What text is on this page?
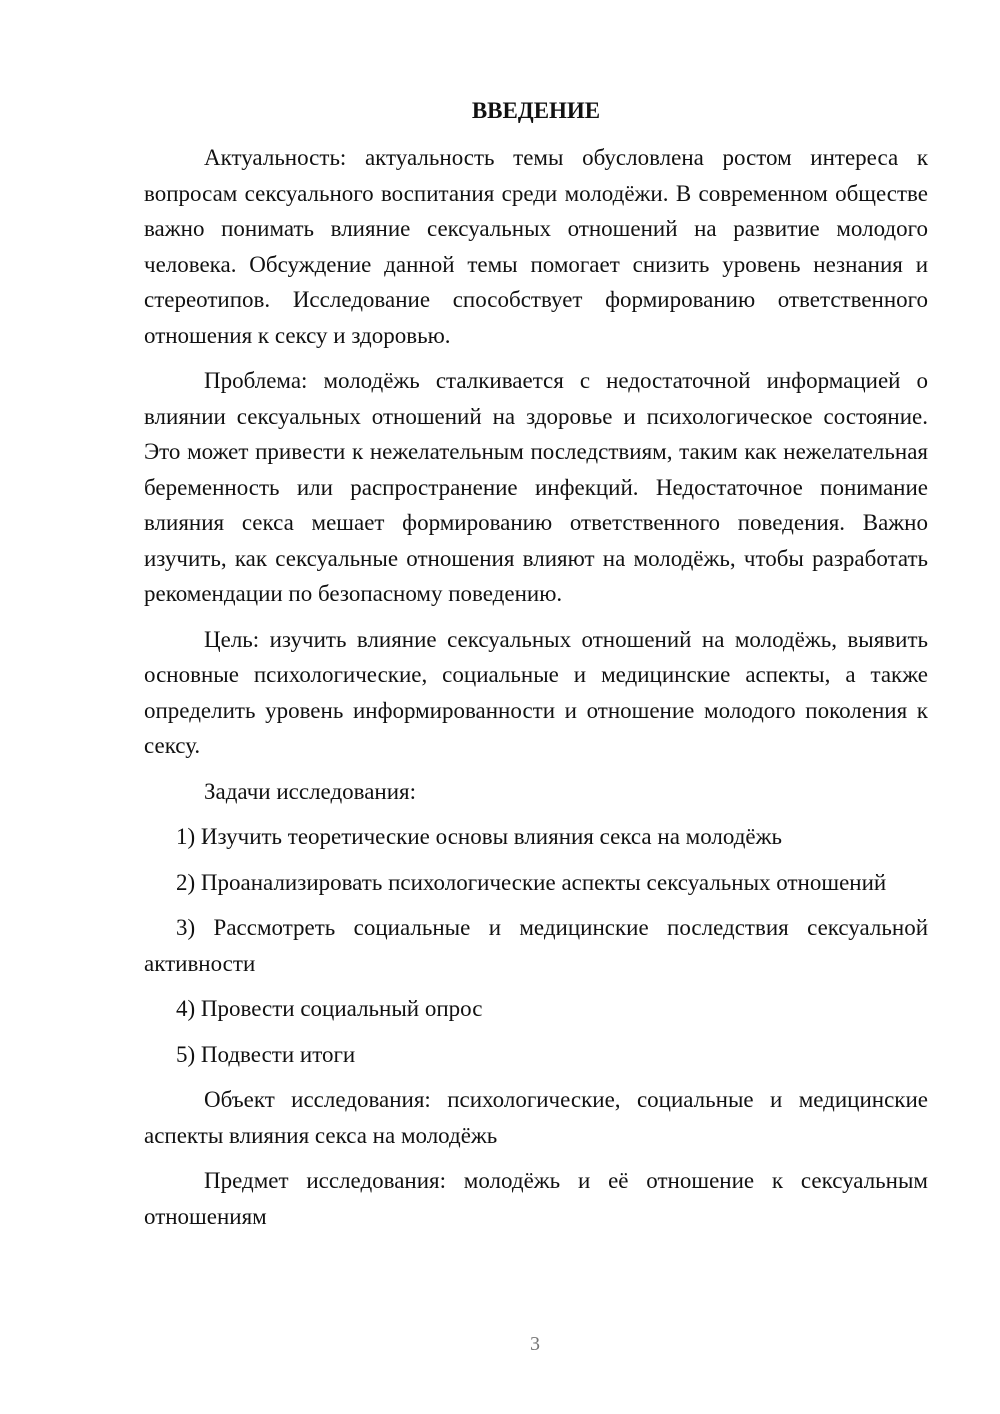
ВВЕДЕНИЕ

Актуальность: актуальность темы обусловлена ростом интереса к вопросам сексуального воспитания среди молодёжи. В современном обществе важно понимать влияние сексуальных отношений на развитие молодого человека. Обсуждение данной темы помогает снизить уровень незнания и стереотипов. Исследование способствует формированию ответственного отношения к сексу и здоровью.

Проблема: молодёжь сталкивается с недостаточной информацией о влиянии сексуальных отношений на здоровье и психологическое состояние. Это может привести к нежелательным последствиям, таким как нежелательная беременность или распространение инфекций. Недостаточное понимание влияния секса мешает формированию ответственного поведения. Важно изучить, как сексуальные отношения влияют на молодёжь, чтобы разработать рекомендации по безопасному поведению.

Цель: изучить влияние сексуальных отношений на молодёжь, выявить основные психологические, социальные и медицинские аспекты, а также определить уровень информированности и отношение молодого поколения к сексу.

Задачи исследования:

1) Изучить теоретические основы влияния секса на молодёжь

2) Проанализировать психологические аспекты сексуальных отношений

3) Рассмотреть социальные и медицинские последствия сексуальной активности

4) Провести социальный опрос

5) Подвести итоги

Объект исследования: психологические, социальные и медицинские аспекты влияния секса на молодёжь

Предмет исследования: молодёжь и её отношение к сексуальным отношениям

3
